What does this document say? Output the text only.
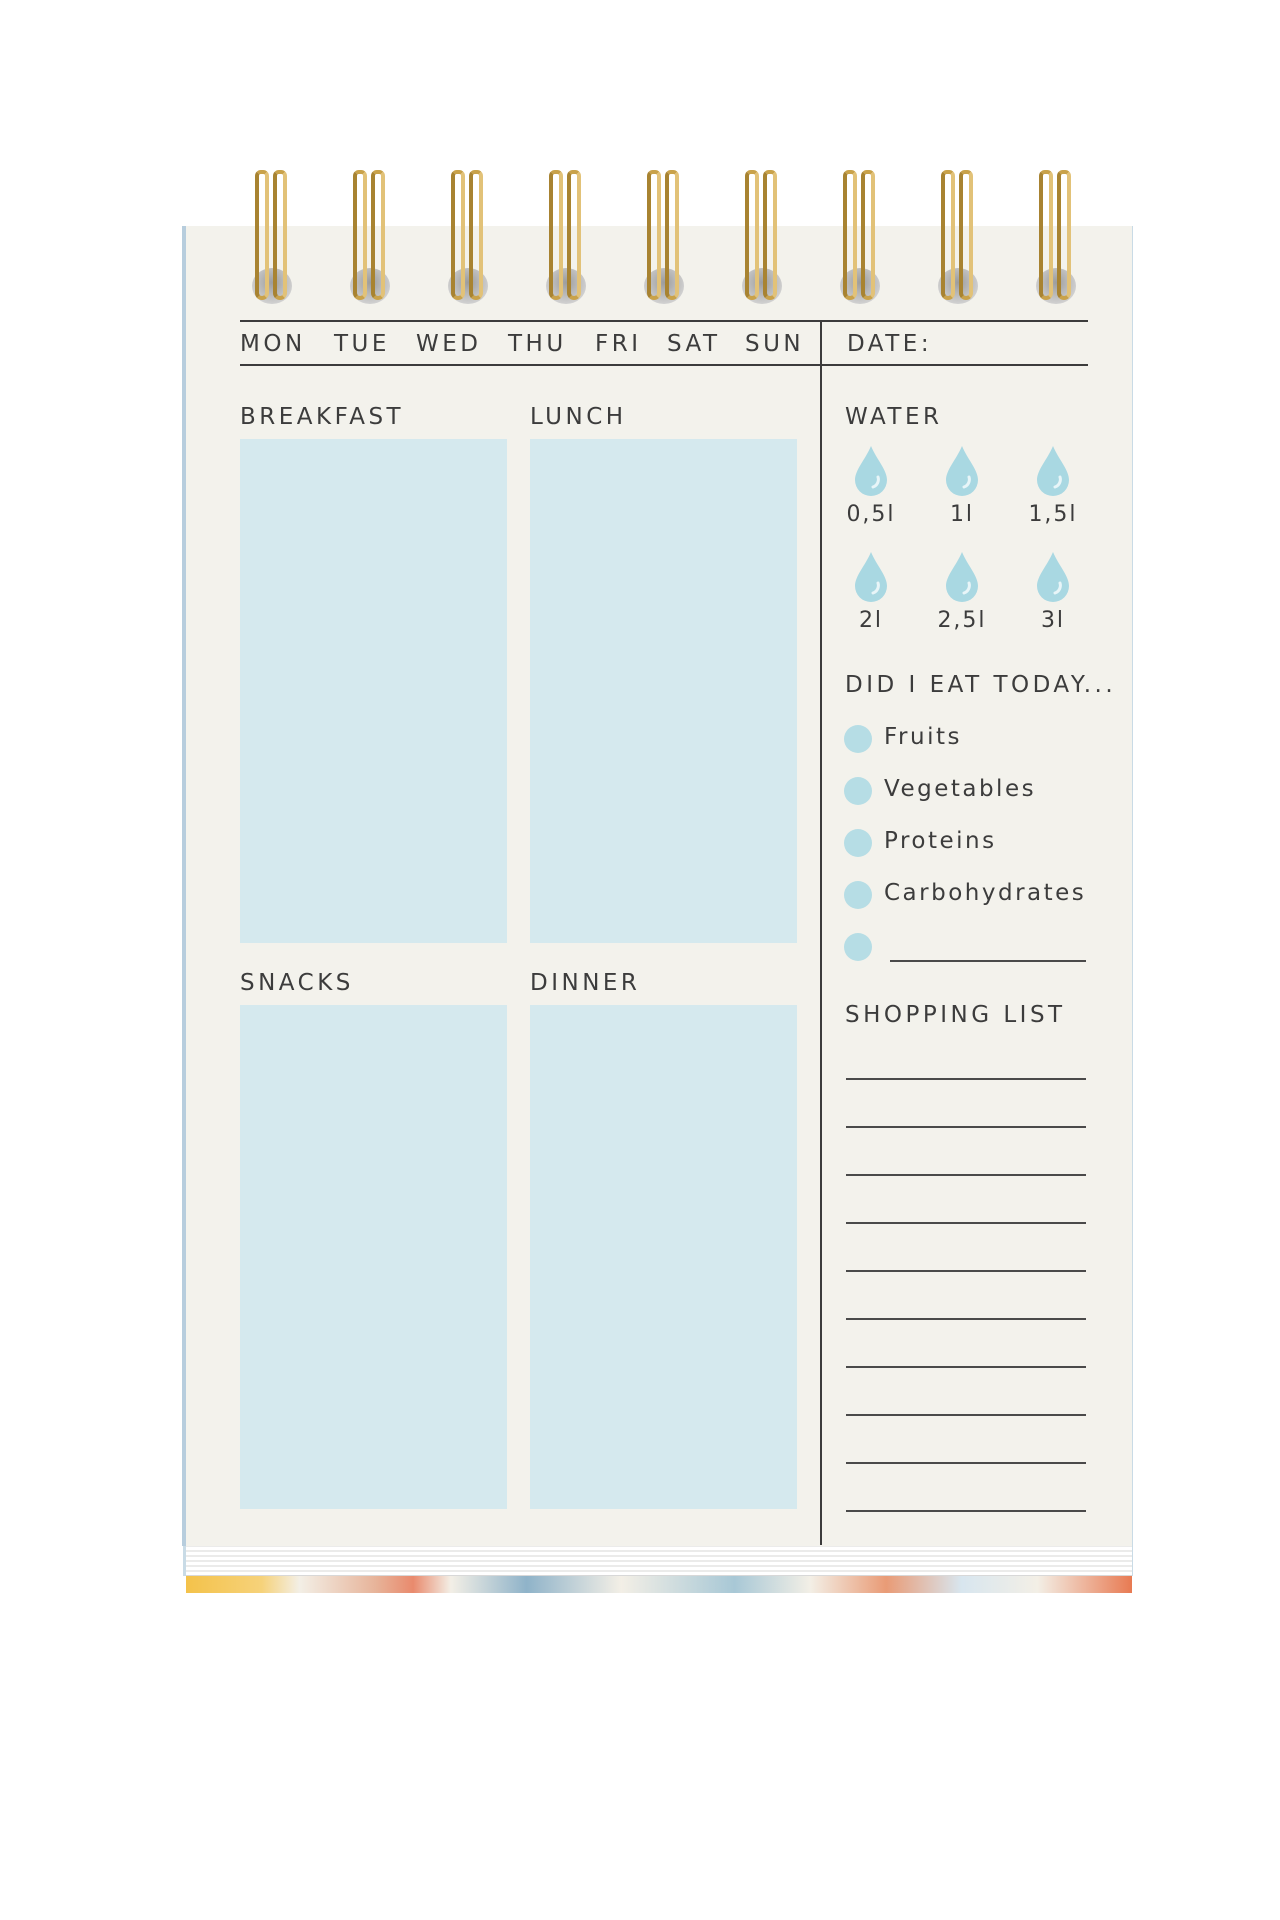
MON TUE WED THU FRI SAT SUN DATE:
BREAKFAST	LUNCH
SNACKS	DINNER
WATER
0,5l	1l	1,5l
2l	2,5l	3l
DID I EAT TODAY...
Fruits
Vegetables
Proteins
Carbohydrates
SHOPPING LIST
